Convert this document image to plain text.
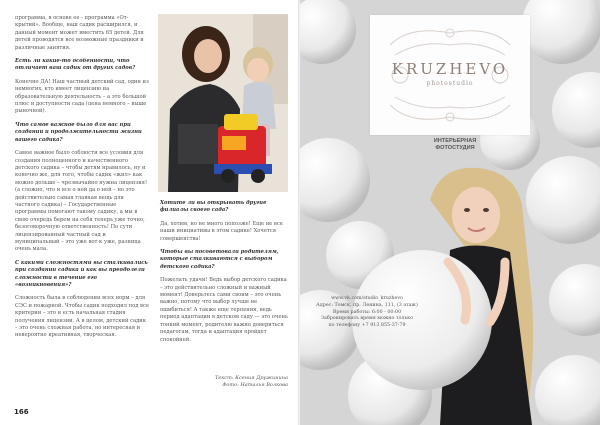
программа, в основе ее - программа «От-крытий». Вообще, наш садик расширился, и данный момент может вместить 65 детей. Для детей проводятся все возможные праздники и различные занятия.

Есть ли какие-то особенности, что отличает ваш садик от других садов?

Конечно ДА! Наш частный детский сад, один из немногих, кто имеет лицензию на образовательную деятельность – а это большой плюс и доступности сада (цена немного – выше рыночной).

Что самое важное было для вас при создании и продолжительности жизни вашего садика?

Самое важное было соблюсти все условия для создания полноценного и качественного детского садика – чтобы детям нравилось, ну и конечно же, для того, чтобы садик «жил» как можно дольше – чрезвычайно нужна лицензия! (а сложно, что и все о ней да о ней – но это действительно самая главная вещь для частного садика) – Государственные программы помогают такому садику, а мы в свою очередь берем на себя теперь уже точно, безоговорочную ответственность! По сути лицензированный частный сад и муниципальный – это уже вот к уже, разница очень мала.

С какими сложностями вы сталкивались при создании садика и как вы преодолели сложности в течение его «возникновения»?

Сложность была в соблюдении всех норм – для СЭС и пожарной. Чтобы садик подходил под все критерии – это и есть начальная стадия получения лицензии. А в целом, детский садик – это очень сложная работа, но интересная и невероятно креативная, творческая.

Хотите ли вы открывать другие филиалы своего сада?

Да, хотим, но не много попозже! Еще не все наши инициативы в этом садике! Хочется совершенства!

Чтобы вы посоветовали родителям, которые сталкиваются с выбором детского садика?

Пожелать удачи! Ведь выбор детского садика – это действительно сложный и важный момент! Доверьтесь сами своим – это очень важно, потому что выбор лучше не ошибиться! А также еще терпения, ведь период адаптации в детском саду — это очень тонкий момент, родителю важно довериться педагогам, тогда и адаптация пройдет спокойней.

Текст: Ксения Дружинина
Фото: Наталья Волкова
166
KRUZHEVO
photostudio
ИНТЕРЬЕРНАЯ
ФОТОСТУДИЯ
www.vk.com/studio_kruzhevo
Адрес: Томск, пр. Ленина, 111, (3 этаж)
Время работы: 6:00 - 00:00
Забронировать время можно только
по телефону +7 913 855-37-79
